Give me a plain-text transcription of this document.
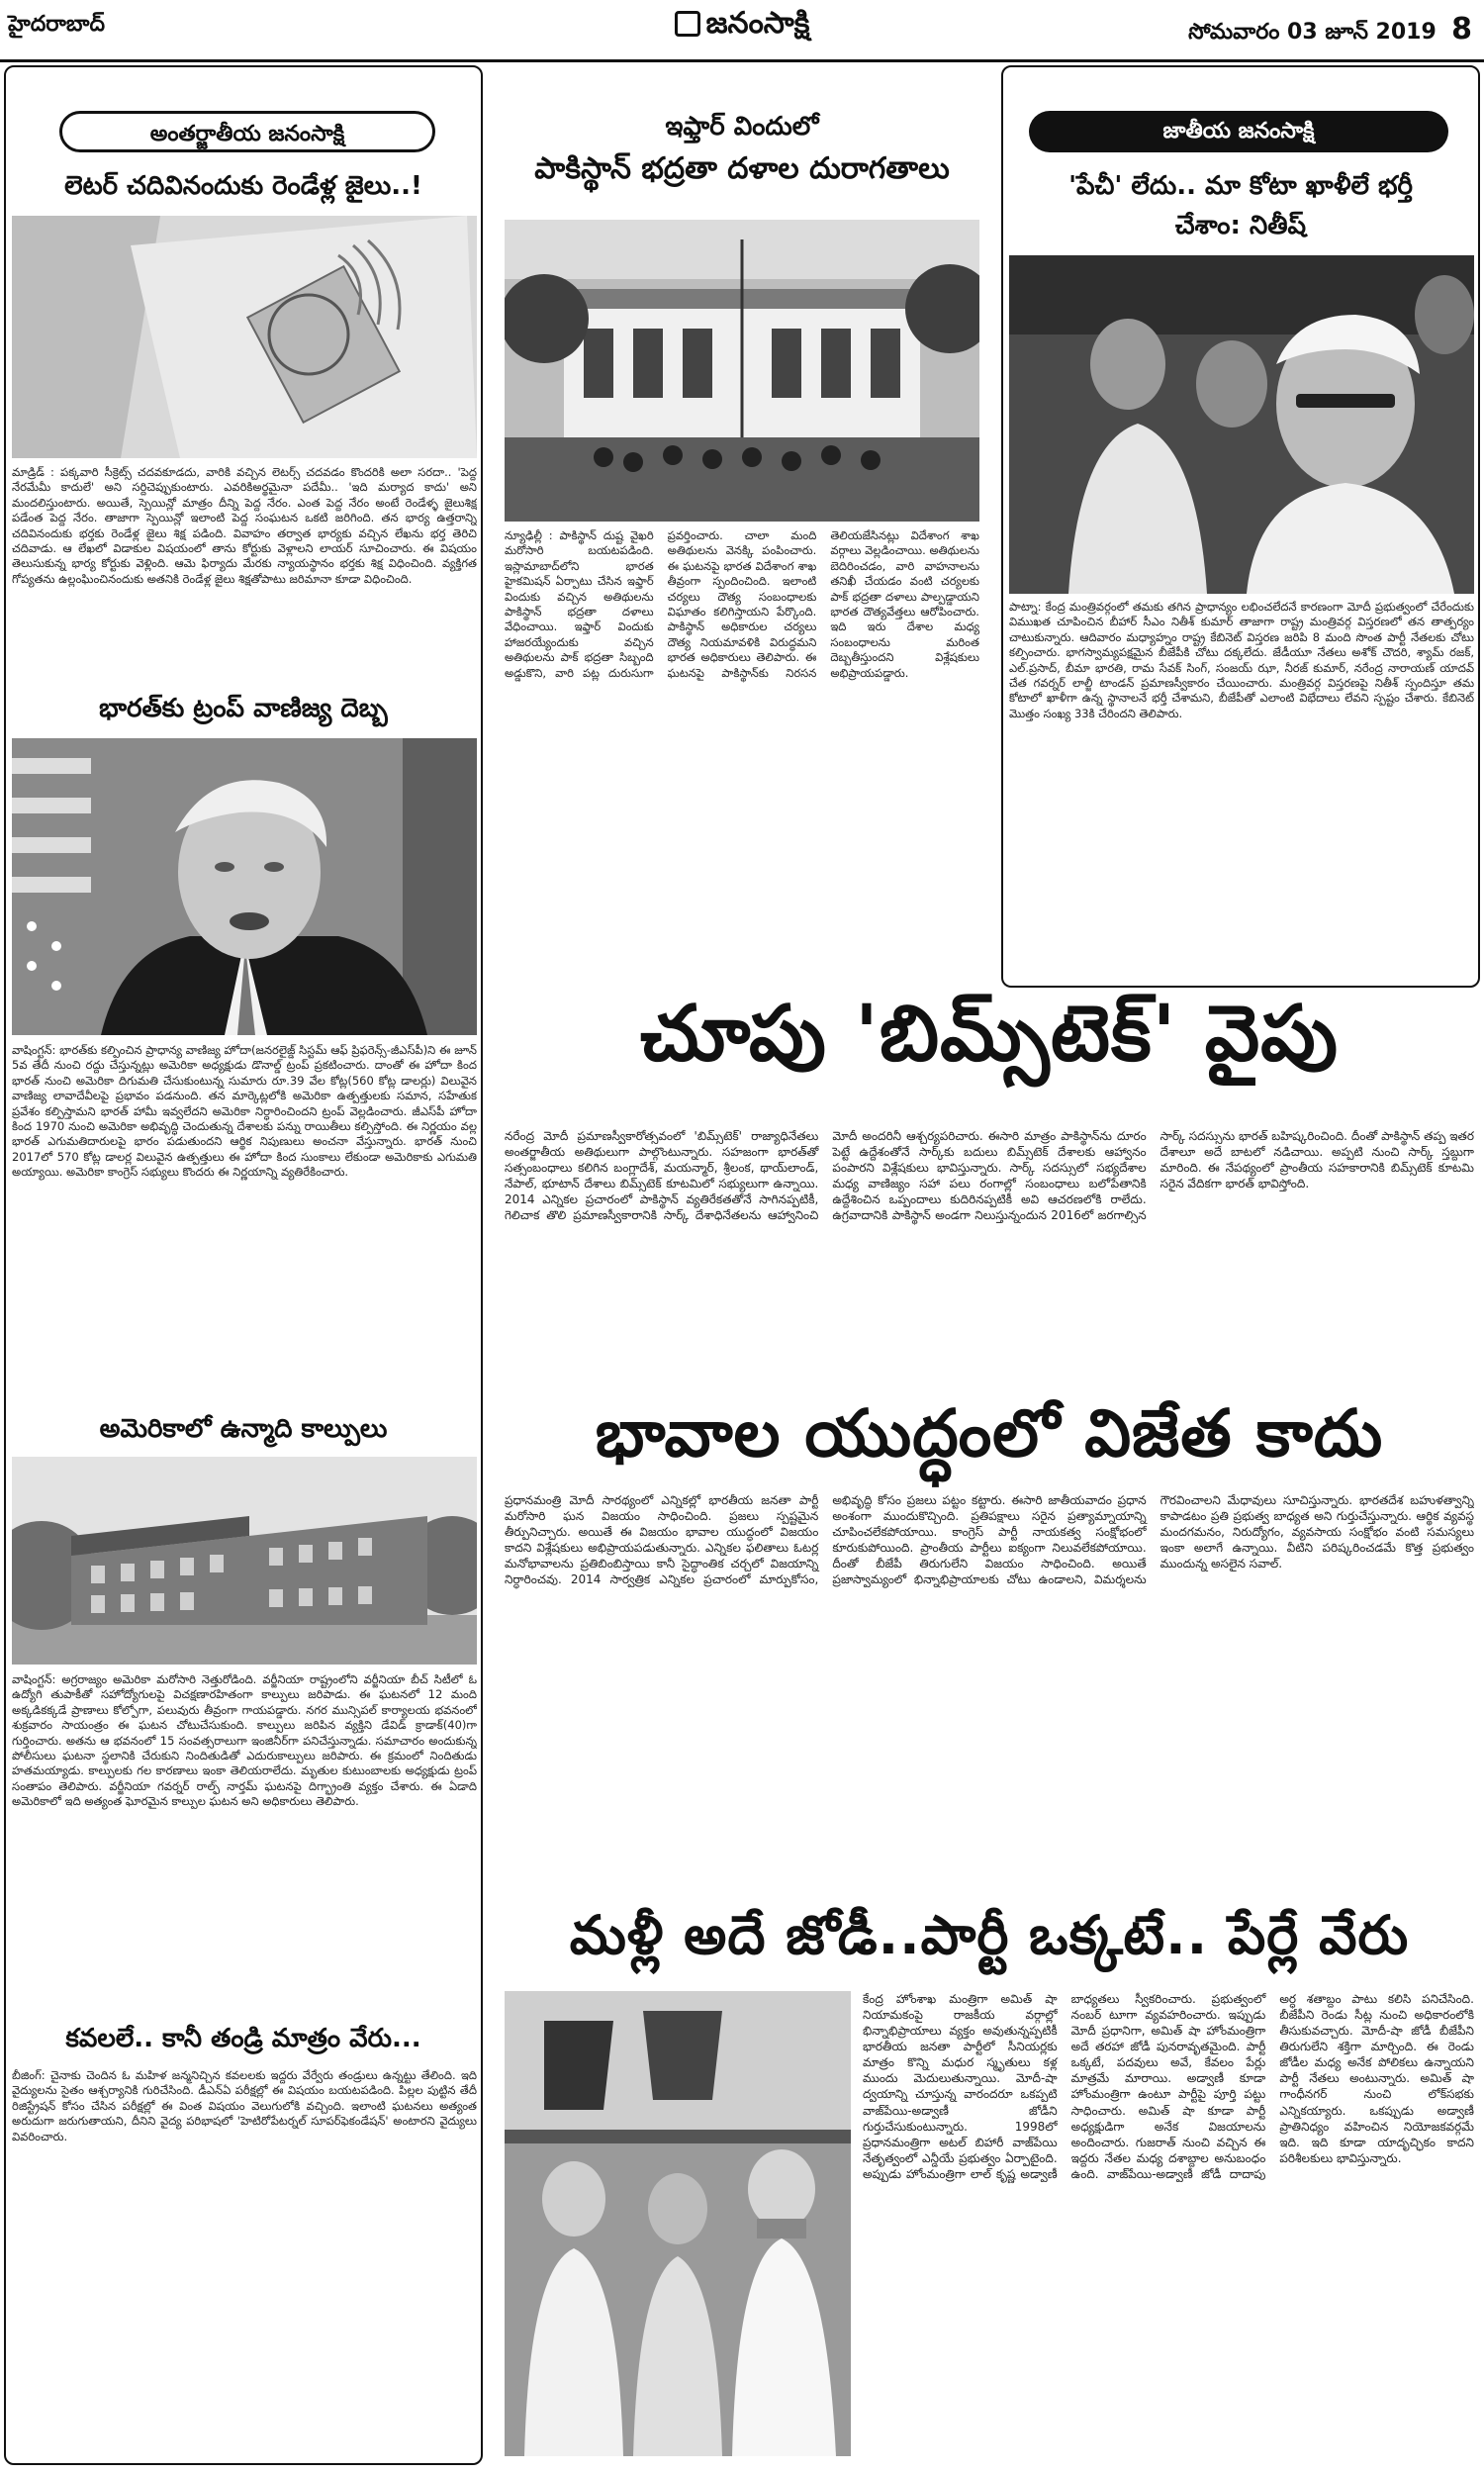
హైదరాబాద్	జనంసాక్షి	సోమవారం 03 జూన్ 2019 8
అంతర్జాతీయ జనంసాక్షి
లెటర్ చదివినందుకు రెండేళ్ల జైలు..!
మాడ్రిడ్ : పక్కవారి సీక్రెట్స్ చదవకూడదు, వారికి వచ్చిన లెటర్స్ చదవడం కొందరికి అలా సరదా.. 'పెద్ద నేరమేమీ కాదులే' అని సర్దిచెప్పుకుంటారు. ఎవరికిఅర్థమైనా పదేమీ.. 'ఇది మర్యాద కాదు' అని మందలిస్తుంటారు. అయితే, స్పెయిన్లో మాత్రం దీన్ని పెద్ద నేరం. ఎంత పెద్ద నేరం అంటే రెండేళ్ళ జైలుశిక్ష పడేంత పెద్ద నేరం. తాజాగా స్పెయిన్లో ఇలాంటి పెద్ద సంఘటన ఒకటి జరిగింది. తన భార్య ఉత్తరాన్ని చదివినందుకు భర్తకు రెండేళ్ల జైలు శిక్ష పడింది. వివాహం తర్వాత భార్యకు వచ్చిన లేఖను భర్త తెరిచి చదివాడు. ఆ లేఖలో విడాకుల విషయంలో తాను కోర్టుకు వెళ్లాలని లాయర్ సూచించారు. ఈ విషయం తెలుసుకున్న భార్య కోర్టుకు వెళ్లింది. ఆమె ఫిర్యాదు మేరకు న్యాయస్థానం భర్తకు శిక్ష విధించింది. వ్యక్తిగత గోప్యతను ఉల్లంఘించినందుకు అతనికి రెండేళ్ల జైలు శిక్షతోపాటు జరిమానా కూడా విధించింది.
భారత్‌కు ట్రంప్ వాణిజ్య దెబ్బ
వాషింగ్టన్: భారత్‌కు కల్పించిన ప్రాధాన్య వాణిజ్య హోదా(జనరలైజ్డ్ సిస్టమ్ ఆఫ్ ప్రిఫరెన్స్‌-జీఎస్‌పీ)ని ఈ జూన్ 5వ తేదీ నుంచి రద్దు చేస్తున్నట్లు అమెరికా అధ్యక్షుడు డొనాల్డ్ ట్రంప్ ప్రకటించారు. దాంతో ఈ హోదా కింద భారత్ నుంచి అమెరికా దిగుమతి చేసుకుంటున్న సుమారు రూ.39 వేల కోట్ల(560 కోట్ల డాలర్లు) విలువైన వాణిజ్య లావాదేవీలపై ప్రభావం పడనుంది. తన మార్కెట్లలోకి అమెరికా ఉత్పత్తులకు సమాన, సహేతుక ప్రవేశం కల్పిస్తామని భారత్ హామీ ఇవ్వలేదని అమెరికా నిర్ధారించిందని ట్రంప్ వెల్లడించారు. జీఎస్‌పీ హోదా కింద 1970 నుంచి అమెరికా అభివృద్ధి చెందుతున్న దేశాలకు పన్ను రాయితీలు కల్పిస్తోంది. ఈ నిర్ణయం వల్ల భారత్ ఎగుమతిదారులపై భారం పడుతుందని ఆర్థిక నిపుణులు అంచనా వేస్తున్నారు. భారత్ నుంచి 2017లో 570 కోట్ల డాలర్ల విలువైన ఉత్పత్తులు ఈ హోదా కింద సుంకాలు లేకుండా అమెరికాకు ఎగుమతి అయ్యాయి. అమెరికా కాంగ్రెస్ సభ్యులు కొందరు ఈ నిర్ణయాన్ని వ్యతిరేకించారు.
అమెరికాలో ఉన్మాది కాల్పులు
వాషింగ్టన్: అగ్రరాజ్యం అమెరికా మరోసారి నెత్తురోడింది. వర్జీనియా రాష్ట్రంలోని వర్జీనియా బీచ్ సిటీలో ఓ ఉద్యోగి తుపాకీతో సహోద్యోగులపై విచక్షణారహితంగా కాల్పులు జరిపాడు. ఈ ఘటనలో 12 మంది అక్కడికక్కడే ప్రాణాలు కోల్పోగా, పలువురు తీవ్రంగా గాయపడ్డారు. నగర మున్సిపల్ కార్యాలయ భవనంలో శుక్రవారం సాయంత్రం ఈ ఘటన చోటుచేసుకుంది. కాల్పులు జరిపిన వ్యక్తిని డేవిడ్ క్రాడాక్(40)గా గుర్తించారు. అతను ఆ భవనంలో 15 సంవత్సరాలుగా ఇంజినీర్‌గా పనిచేస్తున్నాడు. సమాచారం అందుకున్న పోలీసులు ఘటనా స్థలానికి చేరుకుని నిందితుడితో ఎదురుకాల్పులు జరిపారు. ఈ క్రమంలో నిందితుడు హతమయ్యాడు. కాల్పులకు గల కారణాలు ఇంకా తెలియరాలేదు. మృతుల కుటుంబాలకు అధ్యక్షుడు ట్రంప్ సంతాపం తెలిపారు. వర్జీనియా గవర్నర్ రాల్ఫ్ నార్తమ్ ఘటనపై దిగ్భ్రాంతి వ్యక్తం చేశారు. ఈ ఏడాది అమెరికాలో ఇది అత్యంత ఘోరమైన కాల్పుల ఘటన అని అధికారులు తెలిపారు.
కవలలే.. కానీ తండ్రి మాత్రం వేరు...
బీజింగ్: చైనాకు చెందిన ఓ మహిళ జన్మనిచ్చిన కవలలకు ఇద్దరు వేర్వేరు తండ్రులు ఉన్నట్టు తేలింది. ఇది వైద్యులను సైతం ఆశ్చర్యానికి గురిచేసింది. డీఎన్ఏ పరీక్షల్లో ఈ విషయం బయటపడింది. పిల్లల పుట్టిన తేదీ రిజిస్ట్రేషన్ కోసం చేసిన పరీక్షల్లో ఈ వింత విషయం వెలుగులోకి వచ్చింది. ఇలాంటి ఘటనలు అత్యంత అరుదుగా జరుగుతాయని, దీనిని వైద్య పరిభాషలో 'హెటిరోపేటర్నల్ సూపర్‌ఫెకండేషన్' అంటారని వైద్యులు వివరించారు.
ఇఫ్తార్ విందులో
పాకిస్థాన్ భద్రతా దళాల దురాగతాలు
న్యూఢిల్లీ : పాకిస్థాన్ దుష్ట వైఖరి మరోసారి బయటపడింది. ఇస్లామాబాద్‌లోని భారత హైకమిషన్ ఏర్పాటు చేసిన ఇఫ్తార్ విందుకు వచ్చిన అతిథులను పాకిస్థాన్ భద్రతా దళాలు వేధించాయి. ఇఫ్తార్ విందుకు హాజరయ్యేందుకు వచ్చిన అతిథులను పాక్ భద్రతా సిబ్బంది అడ్డుకొని, వారి పట్ల దురుసుగా ప్రవర్తించారు. చాలా మంది అతిథులను వెనక్కి పంపించారు. ఈ ఘటనపై భారత విదేశాంగ శాఖ తీవ్రంగా స్పందించింది. ఇలాంటి చర్యలు దౌత్య సంబంధాలకు విఘాతం కలిగిస్తాయని పేర్కొంది. పాకిస్థాన్ అధికారుల చర్యలు దౌత్య నియమావళికి విరుద్ధమని భారత అధికారులు తెలిపారు. ఈ ఘటనపై పాకిస్థాన్‌కు నిరసన తెలియజేసినట్లు విదేశాంగ శాఖ వర్గాలు వెల్లడించాయి. అతిథులను బెదిరించడం, వారి వాహనాలను తనిఖీ చేయడం వంటి చర్యలకు పాక్ భద్రతా దళాలు పాల్పడ్డాయని భారత దౌత్యవేత్తలు ఆరోపించారు. ఇది ఇరు దేశాల మధ్య సంబంధాలను మరింత దెబ్బతీస్తుందని విశ్లేషకులు అభిప్రాయపడ్డారు.
జాతీయ జనంసాక్షి
'పేచీ' లేదు.. మా కోటా ఖాళీలే భర్తీ
చేశాం: నితీష్
పాట్నా: కేంద్ర మంత్రివర్గంలో తమకు తగిన ప్రాధాన్యం లభించలేదనే కారణంగా మోదీ ప్రభుత్వంలో చేరేందుకు విముఖత చూపించిన బీహార్ సీఎం నితీశ్ కుమార్ తాజాగా రాష్ట్ర మంత్రివర్గ విస్తరణలో తన తాత్పర్యం చాటుకున్నారు. ఆదివారం మధ్యాహ్నం రాష్ట్ర కేబినెట్ విస్తరణ జరిపి 8 మంది సొంత పార్టీ నేతలకు చోటు కల్పించారు. భాగస్వామ్యపక్షమైన బీజేపీకి చోటు దక్కలేదు. జేడీయూ నేతలు అశోక్ చౌదరి, శ్యామ్ రజక్, ఎల్.ప్రసాద్, బీమా భారతి, రామ సేవక్ సింగ్, సంజయ్ ఝా, నీరజ్ కుమార్, నరేంద్ర నారాయణ్ యాదవ్ చేత గవర్నర్ లాల్జీ టాండన్ ప్రమాణస్వీకారం చేయించారు. మంత్రివర్గ విస్తరణపై నితీశ్ స్పందిస్తూ తమ కోటాలో ఖాళీగా ఉన్న స్థానాలనే భర్తీ చేశామని, బీజేపీతో ఎలాంటి విభేదాలు లేవని స్పష్టం చేశారు. కేబినెట్ మొత్తం సంఖ్య 33కి చేరిందని తెలిపారు.
చూపు 'బిమ్స్‌టెక్' వైపు
నరేంద్ర మోదీ ప్రమాణస్వీకారోత్సవంలో 'బిమ్స్‌టెక్' రాజ్యాధినేతలు అంతర్జాతీయ అతిథులుగా పాల్గొంటున్నారు. సహజంగా భారత్‌తో సత్సంబంధాలు కలిగిన బంగ్లాదేశ్, మయన్మార్, శ్రీలంక, థాయ్‌లాండ్, నేపాల్, భూటాన్ దేశాలు బిమ్స్‌టెక్ కూటమిలో సభ్యులుగా ఉన్నాయి. 2014 ఎన్నికల ప్రచారంలో పాకిస్థాన్ వ్యతిరేకతతోనే సాగినప్పటికీ, గెలిచాక తొలి ప్రమాణస్వీకారానికి సార్క్ దేశాధినేతలను ఆహ్వానించి మోదీ అందరినీ ఆశ్చర్యపరిచారు. ఈసారి మాత్రం పాకిస్థాన్‌ను దూరం పెట్టే ఉద్దేశంతోనే సార్క్‌కు బదులు బిమ్స్‌టెక్ దేశాలకు ఆహ్వానం పంపారని విశ్లేషకులు భావిస్తున్నారు. సార్క్ సదస్సులో సభ్యదేశాల మధ్య వాణిజ్యం సహా పలు రంగాల్లో సంబంధాలు బలోపేతానికి ఉద్దేశించిన ఒప్పందాలు కుదిరినప్పటికీ అవి ఆచరణలోకి రాలేదు. ఉగ్రవాదానికి పాకిస్థాన్ అండగా నిలుస్తున్నందున 2016లో జరగాల్సిన సార్క్ సదస్సును భారత్ బహిష్కరించింది. దీంతో పాకిస్థాన్ తప్ప ఇతర దేశాలూ అదే బాటలో నడిచాయి. అప్పటి నుంచి సార్క్ స్తబ్దుగా మారింది. ఈ నేపథ్యంలో ప్రాంతీయ సహకారానికి బిమ్స్‌టెక్ కూటమి సరైన వేదికగా భారత్ భావిస్తోంది.
భావాల యుద్ధంలో విజేత కాదు
ప్రధానమంత్రి మోదీ సారథ్యంలో ఎన్నికల్లో భారతీయ జనతా పార్టీ మరోసారి ఘన విజయం సాధించింది. ప్రజలు స్పష్టమైన తీర్పునిచ్చారు. అయితే ఈ విజయం భావాల యుద్ధంలో విజయం కాదని విశ్లేషకులు అభిప్రాయపడుతున్నారు. ఎన్నికల ఫలితాలు ఓటర్ల మనోభావాలను ప్రతిబింబిస్తాయి కానీ సైద్ధాంతిక చర్చలో విజయాన్ని నిర్ధారించవు. 2014 సార్వత్రిక ఎన్నికల ప్రచారంలో మార్పుకోసం, అభివృద్ధి కోసం ప్రజలు పట్టం కట్టారు. ఈసారి జాతీయవాదం ప్రధాన అంశంగా ముందుకొచ్చింది. ప్రతిపక్షాలు సరైన ప్రత్యామ్నాయాన్ని చూపించలేకపోయాయి. కాంగ్రెస్ పార్టీ నాయకత్వ సంక్షోభంలో కూరుకుపోయింది. ప్రాంతీయ పార్టీలు ఐక్యంగా నిలువలేకపోయాయి. దీంతో బీజేపీ తిరుగులేని విజయం సాధించింది. అయితే ప్రజాస్వామ్యంలో భిన్నాభిప్రాయాలకు చోటు ఉండాలని, విమర్శలను గౌరవించాలని మేధావులు సూచిస్తున్నారు. భారతదేశ బహుళత్వాన్ని కాపాడటం ప్రతి ప్రభుత్వ బాధ్యత అని గుర్తుచేస్తున్నారు. ఆర్థిక వ్యవస్థ మందగమనం, నిరుద్యోగం, వ్యవసాయ సంక్షోభం వంటి సమస్యలు ఇంకా అలాగే ఉన్నాయి. వీటిని పరిష్కరించడమే కొత్త ప్రభుత్వం ముందున్న అసలైన సవాల్.
మళ్లీ అదే జోడీ..పార్టీ ఒక్కటే.. పేర్లే వేరు
కేంద్ర హోంశాఖ మంత్రిగా అమిత్ షా నియామకంపై రాజకీయ వర్గాల్లో భిన్నాభిప్రాయాలు వ్యక్తం అవుతున్నప్పటికీ భారతీయ జనతా పార్టీలో సీనియర్లకు మాత్రం కొన్ని మధుర స్మృతులు కళ్ల ముందు మెదులుతున్నాయి. మోదీ-షా ద్వయాన్ని చూస్తున్న వారందరూ ఒకప్పటి వాజ్‌పేయి-అడ్వాణీ జోడీని గుర్తుచేసుకుంటున్నారు. 1998లో ప్రధానమంత్రిగా అటల్ బిహారీ వాజ్‌పేయి నేతృత్వంలో ఎన్డీయే ప్రభుత్వం ఏర్పాటైంది. అప్పుడు హోంమంత్రిగా లాల్ కృష్ణ అడ్వాణీ బాధ్యతలు స్వీకరించారు. ప్రభుత్వంలో నంబర్ టూగా వ్యవహరించారు. ఇప్పుడు మోదీ ప్రధానిగా, అమిత్ షా హోంమంత్రిగా అదే తరహా జోడీ పునరావృతమైంది. పార్టీ ఒక్కటే, పదవులు అవే, కేవలం పేర్లు మాత్రమే మారాయి. అడ్వాణీ కూడా హోంమంత్రిగా ఉంటూ పార్టీపై పూర్తి పట్టు సాధించారు. అమిత్ షా కూడా పార్టీ అధ్యక్షుడిగా అనేక విజయాలను అందించారు. గుజరాత్ నుంచి వచ్చిన ఈ ఇద్దరు నేతల మధ్య దశాబ్దాల అనుబంధం ఉంది. వాజ్‌పేయి-అడ్వాణీ జోడీ దాదాపు అర్ధ శతాబ్దం పాటు కలిసి పనిచేసింది. బీజేపీని రెండు సీట్ల నుంచి అధికారంలోకి తీసుకువచ్చారు. మోదీ-షా జోడీ బీజేపీని తిరుగులేని శక్తిగా మార్చింది. ఈ రెండు జోడీల మధ్య అనేక పోలికలు ఉన్నాయని పార్టీ నేతలు అంటున్నారు. అమిత్ షా గాంధీనగర్ నుంచి లోక్‌సభకు ఎన్నికయ్యారు. ఒకప్పుడు అడ్వాణీ ప్రాతినిధ్యం వహించిన నియోజకవర్గమే ఇది. ఇది కూడా యాదృచ్ఛికం కాదని పరిశీలకులు భావిస్తున్నారు.
